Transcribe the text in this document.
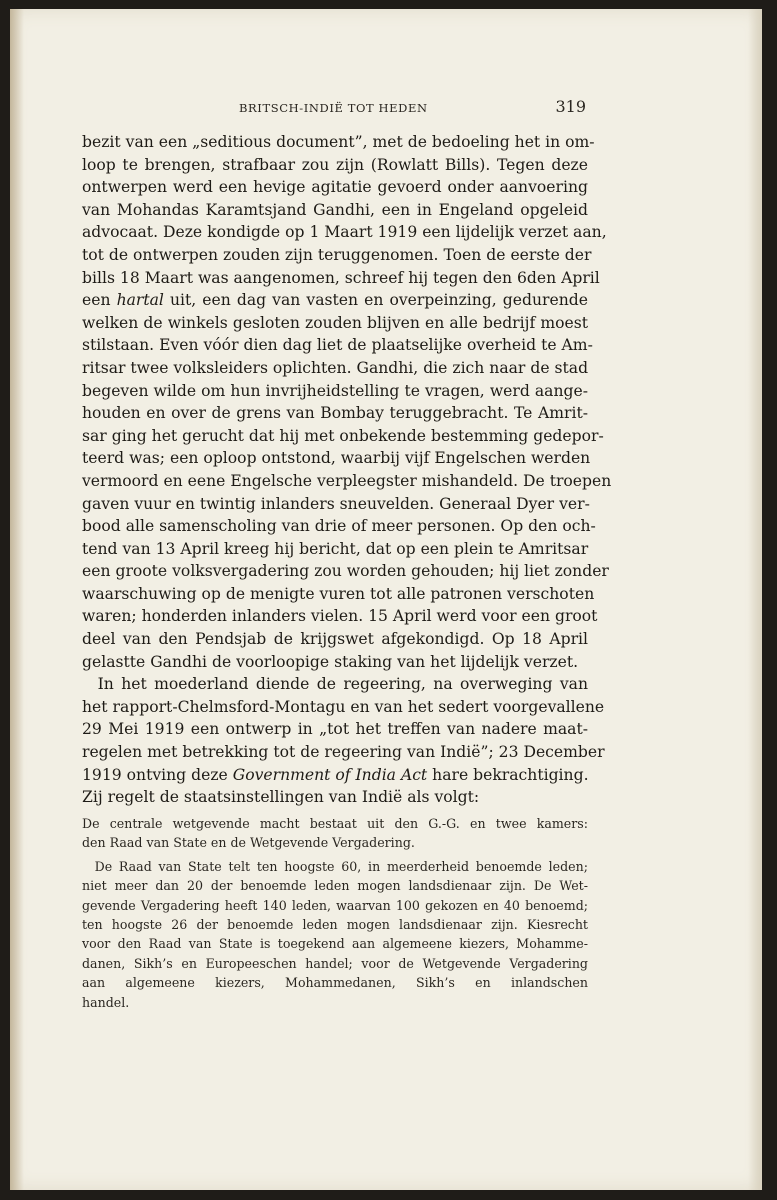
BRITSCH-INDIË TOT HEDEN	319
bezit van een „seditious document”, met de bedoeling het in om-
loop te brengen, strafbaar zou zijn (Rowlatt Bills). Tegen deze
ontwerpen werd een hevige agitatie gevoerd onder aanvoering
van Mohandas Karamtsjand Gandhi, een in Engeland opgeleid
advocaat. Deze kondigde op 1 Maart 1919 een lijdelijk verzet aan,
tot de ontwerpen zouden zijn teruggenomen. Toen de eerste der
bills 18 Maart was aangenomen, schreef hij tegen den 6den April
een hartal uit, een dag van vasten en overpeinzing, gedurende
welken de winkels gesloten zouden blijven en alle bedrijf moest
stilstaan. Even vóór dien dag liet de plaatselijke overheid te Am-
ritsar twee volksleiders oplichten. Gandhi, die zich naar de stad
begeven wilde om hun invrijheidstelling te vragen, werd aange-
houden en over de grens van Bombay teruggebracht. Te Amrit-
sar ging het gerucht dat hij met onbekende bestemming gedepor-
teerd was; een oploop ontstond, waarbij vijf Engelschen werden
vermoord en eene Engelsche verpleegster mishandeld. De troepen
gaven vuur en twintig inlanders sneuvelden. Generaal Dyer ver-
bood alle samenscholing van drie of meer personen. Op den och-
tend van 13 April kreeg hij bericht, dat op een plein te Amritsar
een groote volksvergadering zou worden gehouden; hij liet zonder
waarschuwing op de menigte vuren tot alle patronen verschoten
waren; honderden inlanders vielen. 15 April werd voor een groot
deel van den Pendsjab de krijgswet afgekondigd. Op 18 April
gelastte Gandhi de voorloopige staking van het lijdelijk verzet.
 In het moederland diende de regeering, na overweging van
het rapport-Chelmsford-Montagu en van het sedert voorgevallene
29 Mei 1919 een ontwerp in „tot het treffen van nadere maat-
regelen met betrekking tot de regeering van Indië”; 23 December
1919 ontving deze Government of India Act hare bekrachtiging.
Zij regelt de staatsinstellingen van Indië als volgt:
De centrale wetgevende macht bestaat uit den G.-G. en twee kamers:
den Raad van State en de Wetgevende Vergadering.
 De Raad van State telt ten hoogste 60, in meerderheid benoemde leden;
niet meer dan 20 der benoemde leden mogen landsdienaar zijn. De Wet-
gevende Vergadering heeft 140 leden, waarvan 100 gekozen en 40 benoemd;
ten hoogste 26 der benoemde leden mogen landsdienaar zijn. Kiesrecht
voor den Raad van State is toegekend aan algemeene kiezers, Mohamme-
danen, Sikh’s en Europeeschen handel; voor de Wetgevende Vergadering
aan algemeene kiezers, Mohammedanen, Sikh’s en inlandschen
handel.
